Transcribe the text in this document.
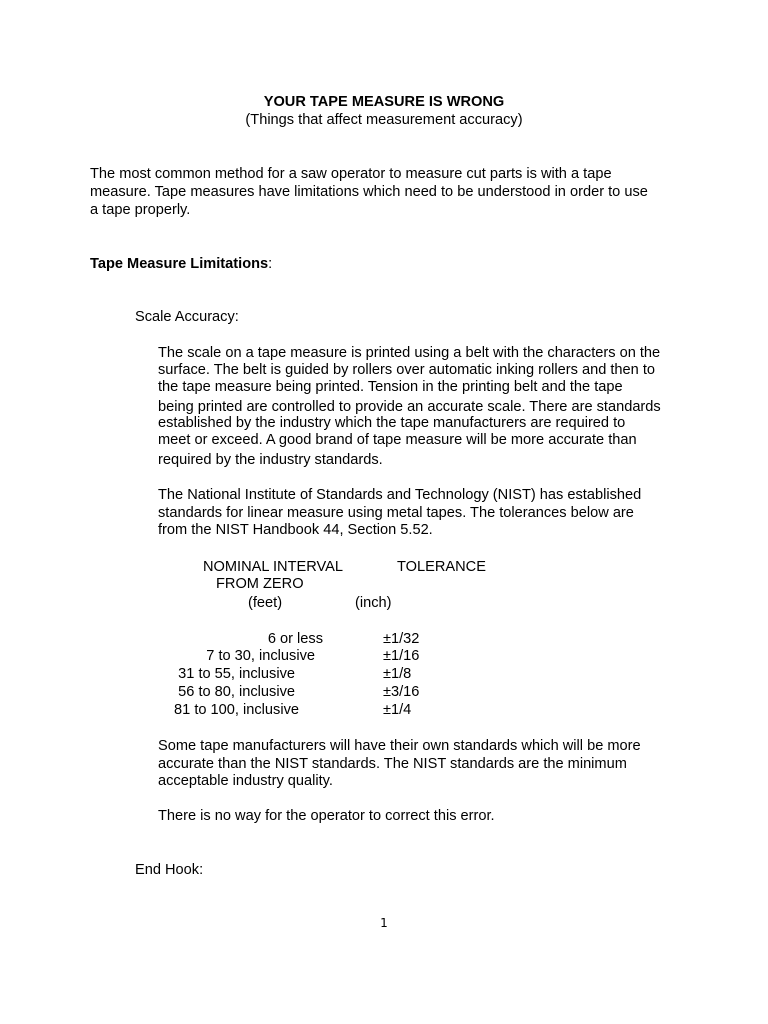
YOUR TAPE MEASURE IS WRONG
(Things that affect measurement accuracy)
The most common method for a saw operator to measure cut parts is with a tape
measure. Tape measures have limitations which need to be understood in order to use
a tape properly.
Tape Measure Limitations:
Scale Accuracy:
The scale on a tape measure is printed using a belt with the characters on the
surface. The belt is guided by rollers over automatic inking rollers and then to
the tape measure being printed. Tension in the printing belt and the tape
being printed are controlled to provide an accurate scale. There are standards
established by the industry which the tape manufacturers are required to
meet or exceed. A good brand of tape measure will be more accurate than
required by the industry standards.
The National Institute of Standards and Technology (NIST) has established
standards for linear measure using metal tapes. The tolerances below are
from the NIST Handbook 44, Section 5.52.
NOMINAL INTERVAL	TOLERANCE
FROM ZERO
(feet)	(inch)
6 or less	±1/32
7 to 30, inclusive	±1/16
31 to 55, inclusive	±1/8
56 to 80, inclusive	±3/16
81 to 100, inclusive	±1/4
Some tape manufacturers will have their own standards which will be more
accurate than the NIST standards. The NIST standards are the minimum
acceptable industry quality.
There is no way for the operator to correct this error.
End Hook:
1
